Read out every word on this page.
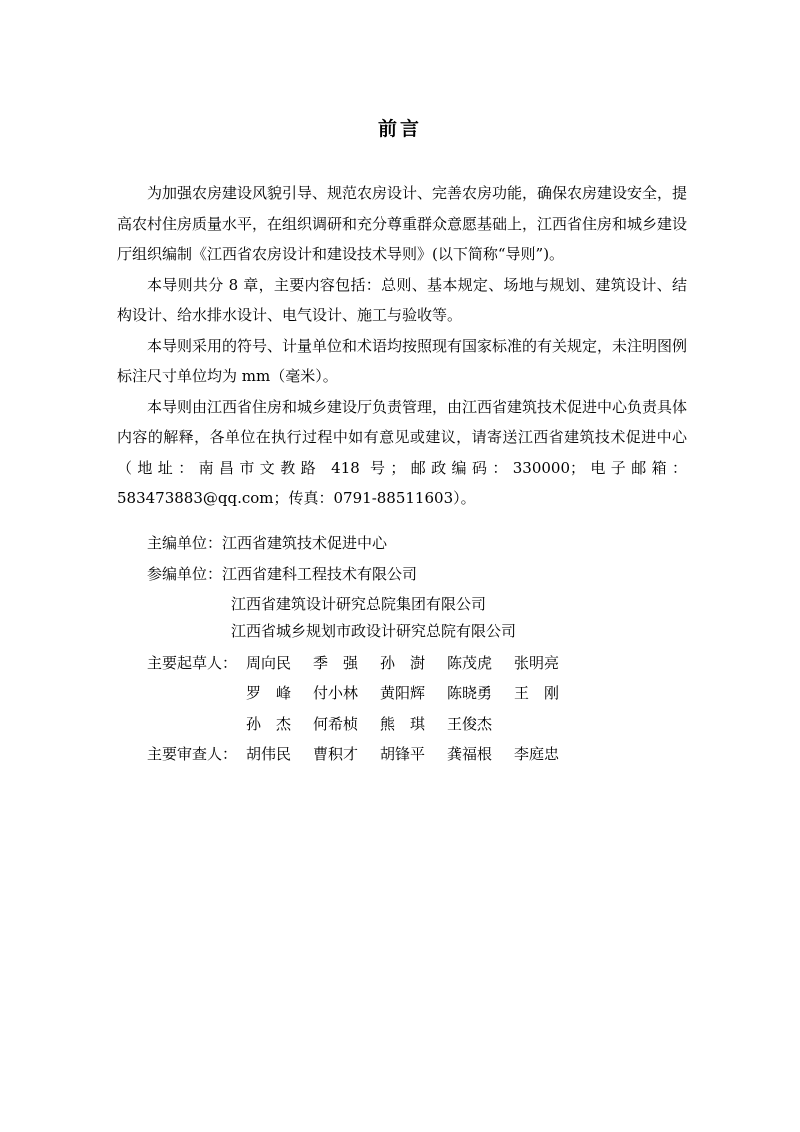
前言

为加强农房建设风貌引导、规范农房设计、完善农房功能，确保农房建设安全，提高农村住房质量水平，在组织调研和充分尊重群众意愿基础上，江西省住房和城乡建设厅组织编制《江西省农房设计和建设技术导则》(以下简称“导则”)。

本导则共分 8 章，主要内容包括：总则、基本规定、场地与规划、建筑设计、结构设计、给水排水设计、电气设计、施工与验收等。

本导则采用的符号、计量单位和术语均按照现有国家标准的有关规定，未注明图例标注尺寸单位均为 mm（毫米）。

本导则由江西省住房和城乡建设厅负责管理，由江西省建筑技术促进中心负责具体内容的解释，各单位在执行过程中如有意见或建议，请寄送江西省建筑技术促进中心（地址：南昌市文教路 418 号；邮政编码：330000；电子邮箱：583473883@qq.com；传真：0791-88511603）。

主编单位： 江西省建筑技术促进中心
参编单位： 江西省建科工程技术有限公司
江西省建筑设计研究总院集团有限公司
江西省城乡规划市政设计研究总院有限公司
主要起草人： 周向民	季　强	孙　澍	陈茂虎	张明亮
罗　峰	付小林	黄阳辉	陈晓勇	王　刚
孙　杰	何希桢	熊　琪	王俊杰
主要审查人： 胡伟民	曹积才	胡锋平	龚福根	李庭忠
